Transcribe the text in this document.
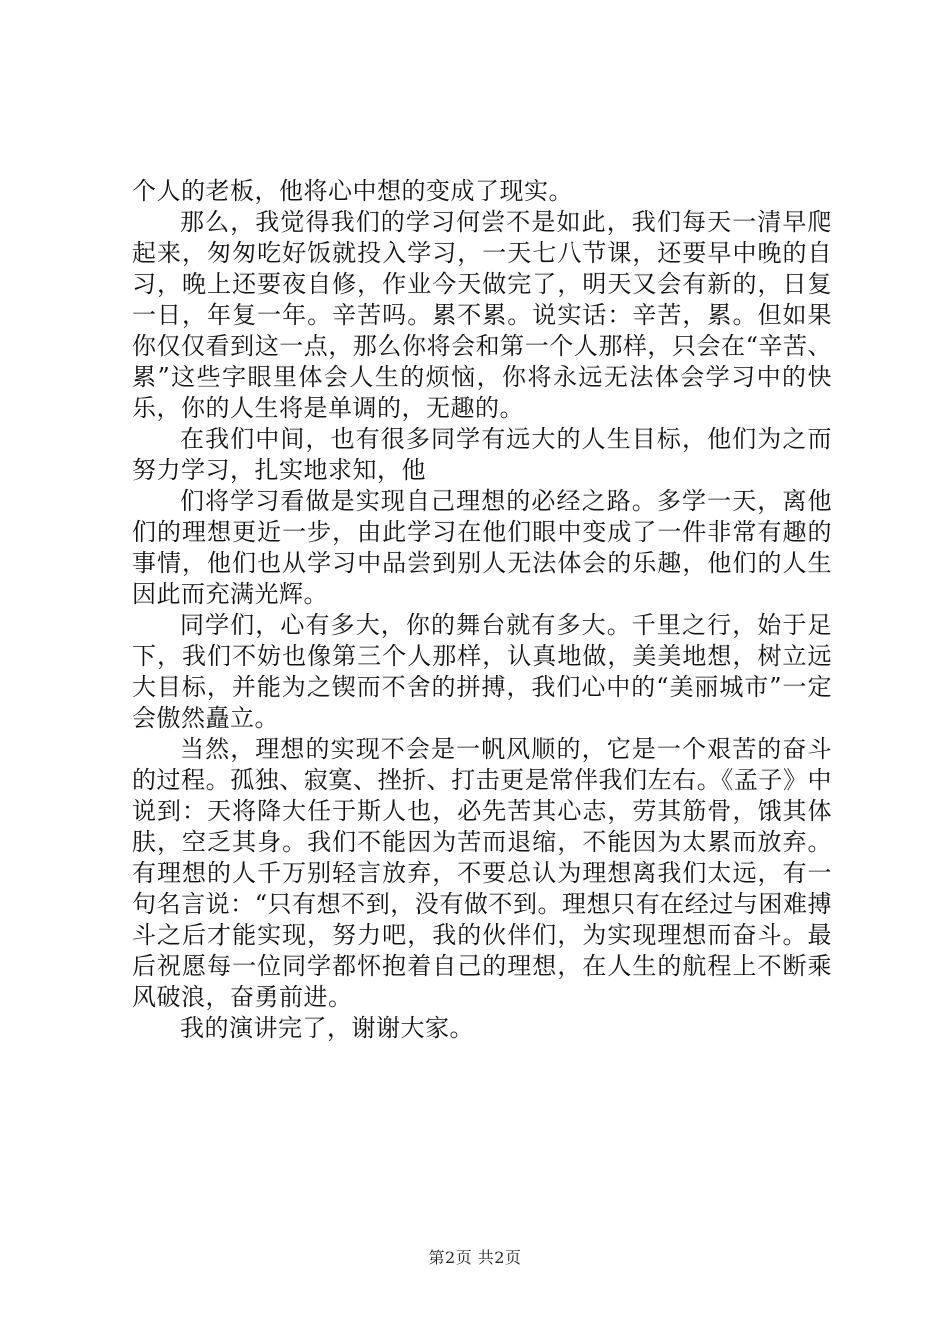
个人的老板，他将心中想的变成了现实。

那么，我觉得我们的学习何尝不是如此，我们每天一清早爬起来，匆匆吃好饭就投入学习，一天七八节课，还要早中晚的自习，晚上还要夜自修，作业今天做完了，明天又会有新的，日复一日，年复一年。辛苦吗。累不累。说实话：辛苦，累。但如果你仅仅看到这一点，那么你将会和第一个人那样，只会在“辛苦、累”这些字眼里体会人生的烦恼，你将永远无法体会学习中的快乐，你的人生将是单调的，无趣的。

在我们中间，也有很多同学有远大的人生目标，他们为之而努力学习，扎实地求知，他

们将学习看做是实现自己理想的必经之路。多学一天，离他们的理想更近一步，由此学习在他们眼中变成了一件非常有趣的事情，他们也从学习中品尝到别人无法体会的乐趣，他们的人生因此而充满光辉。

同学们，心有多大，你的舞台就有多大。千里之行，始于足下，我们不妨也像第三个人那样，认真地做，美美地想，树立远大目标，并能为之锲而不舍的拼搏，我们心中的“美丽城市”一定会傲然矗立。

当然，理想的实现不会是一帆风顺的，它是一个艰苦的奋斗的过程。孤独、寂寞、挫折、打击更是常伴我们左右。《孟子》中说到：天将降大任于斯人也，必先苦其心志，劳其筋骨，饿其体肤，空乏其身。我们不能因为苦而退缩，不能因为太累而放弃。有理想的人千万别轻言放弃，不要总认为理想离我们太远，有一句名言说：“只有想不到，没有做不到。理想只有在经过与困难搏斗之后才能实现，努力吧，我的伙伴们，为实现理想而奋斗。最后祝愿每一位同学都怀抱着自己的理想，在人生的航程上不断乘风破浪，奋勇前进。

我的演讲完了，谢谢大家。

第2页 共2页
